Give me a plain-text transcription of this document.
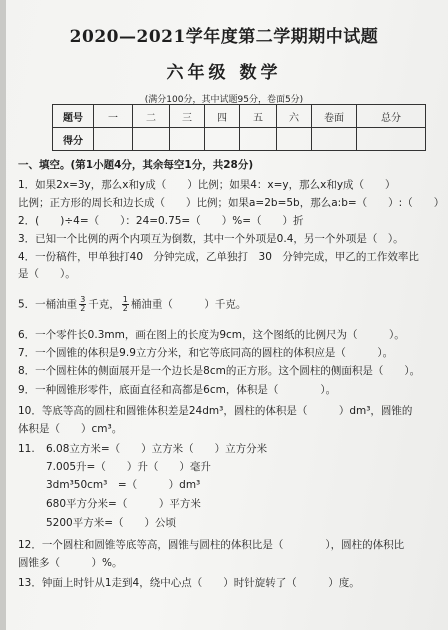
2020—2021学年度第二学期期中试题
六年级 数学
(满分100分，其中试题95分，卷面5分)
题号	一	二	三	四	五	六	卷面	总分
得分								
一、填空。(第1小题4分，其余每空1分，共28分)
1．如果2x=3y，那么x和y成（　　）比例；如果4：x=y，那么x和y成（　　）
比例；正方形的周长和边长成（　　）比例；如果a=2b=5b，那么a:b=（　　）:（　　）
2．(　　)÷4=（　　）：24=0.75=（　　）%=（　　）折
3．已知一个比例的两个内项互为倒数，其中一个外项是0.4，另一个外项是（　）。
4．一份稿件，甲单独打40　分钟完成，乙单独打　30　分钟完成，甲乙的工作效率比
是（　　）。
5．一桶油重 $\frac{3}{2}$ 千克， $\frac{1}{2}$ 桶油重（　　　）千克。
6．一个零件长0.3mm，画在图上的长度为9cm，这个图纸的比例尺为（　　　）。
7．一个圆锥的体积是9.9立方分米，和它等底同高的圆柱的体积应是（　　　）。
8．一个圆柱体的侧面展开是一个边长是8cm的正方形。这个圆柱的侧面积是（　　）。
9．一种圆锥形零件，底面直径和高都是6cm，体积是（　　　　）。
10．等底等高的圆柱和圆锥体积差是24dm³，圆柱的体积是（　　　）dm³，圆锥的
体积是（　　）cm³。
11. 6.08立方米=（　　）立方米（　　）立方分米
7.005升=（　　）升（　　）毫升
3dm³50cm³　=（　　　）dm³
680平方分米=（　　　）平方米
5200平方米=（　　）公顷
12．一个圆柱和圆锥等底等高，圆锥与圆柱的体积比是（　　　　），圆柱的体积比
圆锥多（　　　）%。
13．钟面上时针从1走到4，绕中心点（　　）时针旋转了（　　　）度。
